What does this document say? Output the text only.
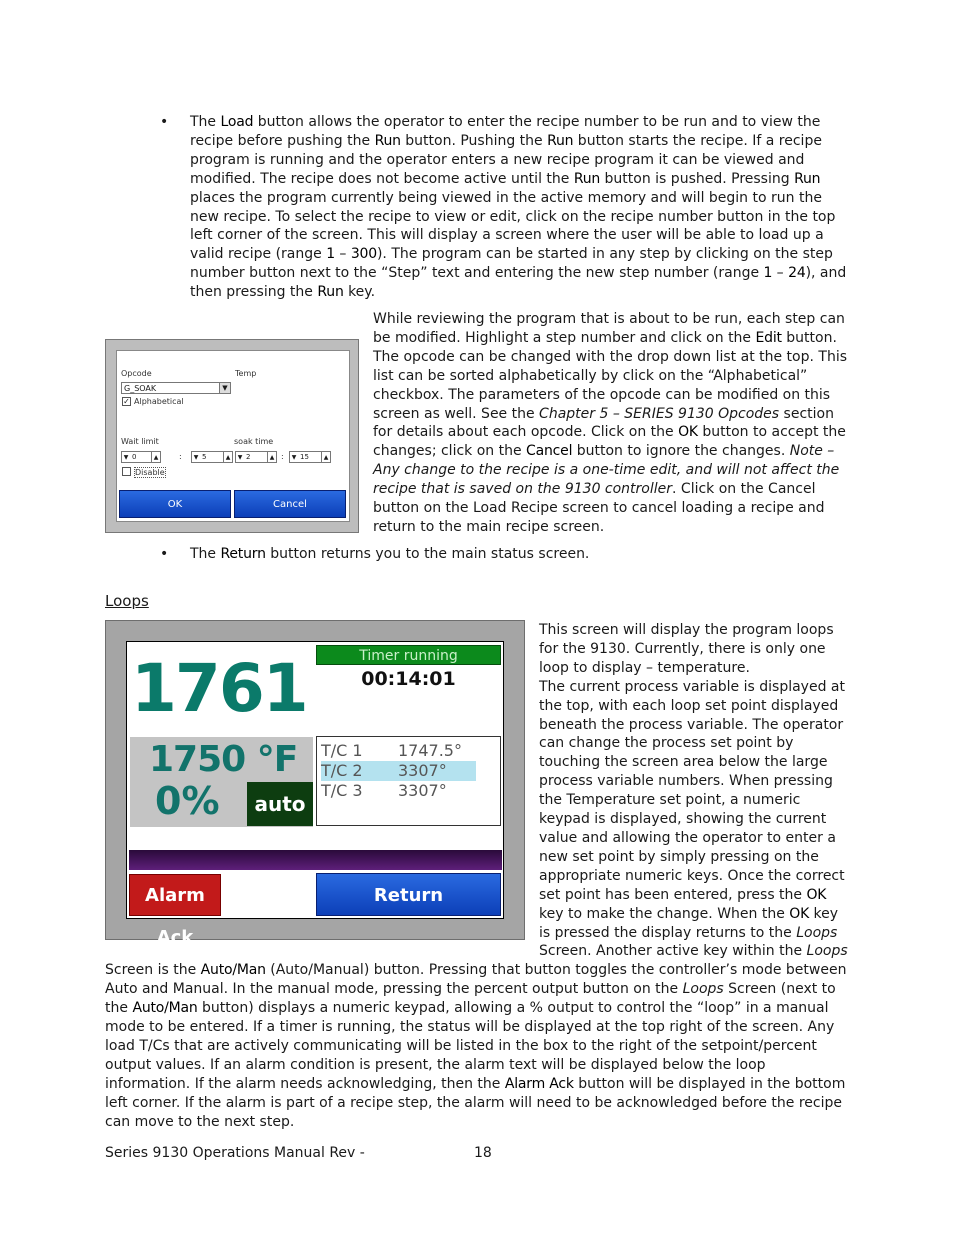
• The Load button allows the operator to enter the recipe number to be run and to view the recipe before pushing the Run button. Pushing the Run button starts the recipe. If a recipe program is running and the operator enters a new recipe program it can be viewed and modified. The recipe does not become active until the Run button is pushed. Pressing Run places the program currently being viewed in the active memory and will begin to run the new recipe. To select the recipe to view or edit, click on the recipe number button in the top left corner of the screen. This will display a screen where the user will be able to load up a valid recipe (range 1 – 300). The program can be started in any step by clicking on the step number button next to the “Step” text and entering the new step number (range 1 – 24), and then pressing the Run key.
While reviewing the program that is about to be run, each step can be modified. Highlight a step number and click on the Edit button. The opcode can be changed with the drop down list at the top. This list can be sorted alphabetically by click on the “Alphabetical” checkbox. The parameters of the opcode can be modified on this screen as well. See the Chapter 5 – SERIES 9130 Opcodes section for details about each opcode. Click on the OK button to accept the changes; click on the Cancel button to ignore the changes. Note – Any change to the recipe is a one-time edit, and will not affect the recipe that is saved on the 9130 controller. Click on the Cancel button on the Load Recipe screen to cancel loading a recipe and return to the main recipe screen.
Opcode	Temp
G_SOAK	▼
✓ Alphabetical
Wait limit	soak time
▼ 0	▲	: ▼ 5	▲ ▼ 2	▲ : ▼ 15	▲
Disable
OK	Cancel
• The Return button returns you to the main status screen.
Loops
This screen will display the program loops for the 9130. Currently, there is only one loop to display – temperature.
The current process variable is displayed at the top, with each loop set point displayed beneath the process variable. The operator can change the process set point by touching the screen area below the large process variable numbers. When pressing the Temperature set point, a numeric keypad is displayed, showing the current value and allowing the operator to enter a new set point by simply pressing on the appropriate numeric keys. Once the correct set point has been entered, press the OK key to make the change. When the OK key is pressed the display returns to the Loops Screen. Another active key within the Loops Screen is the Auto/Man (Auto/Manual) button. Pressing that button toggles the controller’s mode between Auto and Manual. In the manual mode, pressing the percent output button on the Loops Screen (next to the Auto/Man button) displays a numeric keypad, allowing a % output to control the “loop” in a manual mode to be entered. If a timer is running, the status will be displayed at the top right of the screen. Any load T/Cs that are actively communicating will be listed in the box to the right of the setpoint/percent output values. If an alarm condition is present, the alarm text will be displayed below the loop information. If the alarm needs acknowledging, then the Alarm Ack button will be displayed in the bottom left corner. If the alarm is part of a recipe step, the alarm will need to be acknowledged before the recipe can move to the next step.
1761	Timer running
00:14:01
1750 °F
0%	auto
T/C 1 1747.5°
T/C 2 3307°
T/C 3 3307°
Alarm Ack
Return
Series 9130 Operations Manual Rev -	18
